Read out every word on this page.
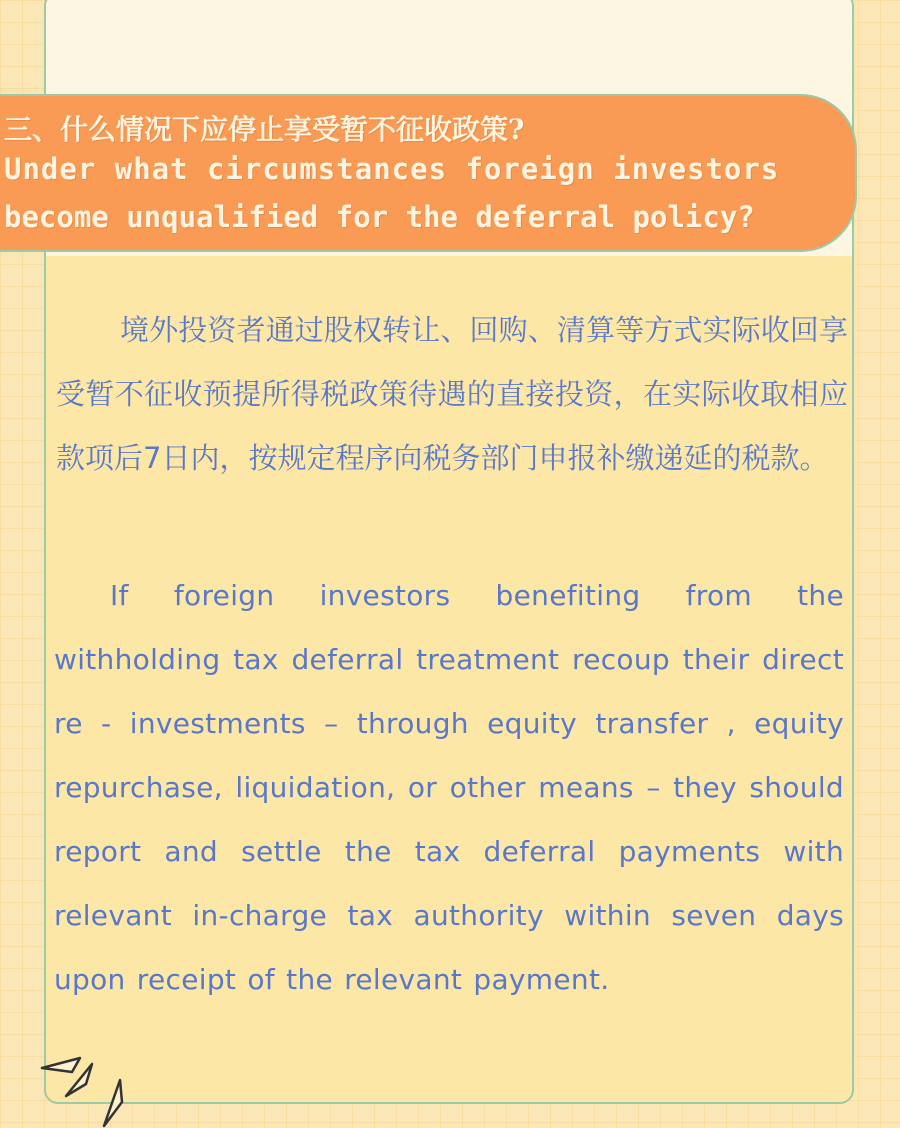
三、什么情况下应停止享受暂不征收政策?
Under what circumstances foreign investors
become unqualified for the deferral policy?

境外投资者通过股权转让、回购、清算等方式实际收回享受暂不征收预提所得税政策待遇的直接投资，在实际收取相应款项后7日内，按规定程序向税务部门申报补缴递延的税款。

If foreign investors benefiting from the withholding tax deferral treatment recoup their direct re - investments – through equity transfer , equity repurchase, liquidation, or other means – they should report and settle the tax deferral payments with relevant in-charge tax authority within seven days upon receipt of the relevant payment.
